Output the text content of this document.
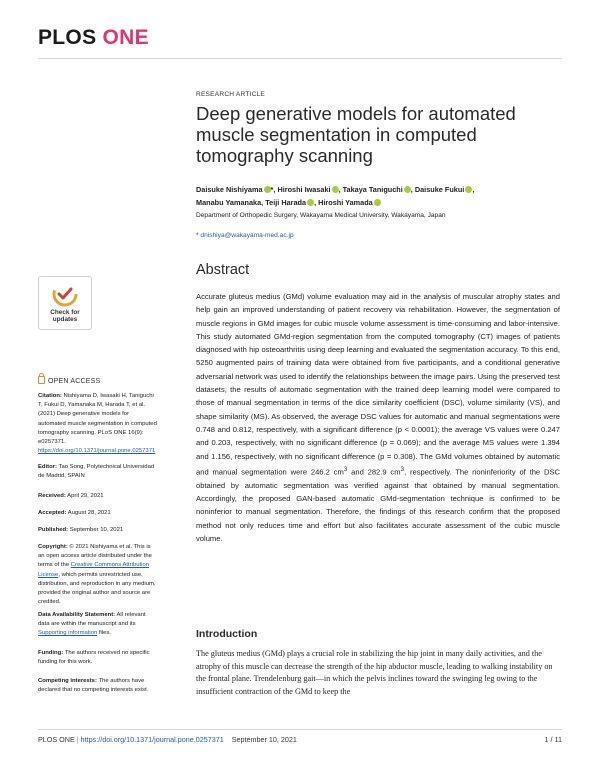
PLOS ONE
RESEARCH ARTICLE
Deep generative models for automated muscle segmentation in computed tomography scanning
Daisuke Nishiyama *, Hiroshi Iwasaki , Takaya Taniguchi , Daisuke Fukui ,
Manabu Yamanaka, Teiji Harada , Hiroshi Yamada
Department of Orthopedic Surgery, Wakayama Medical University, Wakayama, Japan
* dnishiya@wakayama-med.ac.jp
Abstract

Accurate gluteus medius (GMd) volume evaluation may aid in the analysis of muscular atrophy states and help gain an improved understanding of patient recovery via rehabilitation. However, the segmentation of muscle regions in GMd images for cubic muscle volume assessment is time-consuming and labor-intensive. This study automated GMd-region segmentation from the computed tomography (CT) images of patients diagnosed with hip osteoarthritis using deep learning and evaluated the segmentation accuracy. To this end, 5250 augmented pairs of training data were obtained from five participants, and a conditional generative adversarial network was used to identify the relationships between the image pairs. Using the preserved test datasets, the results of automatic segmentation with the trained deep learning model were compared to those of manual segmentation in terms of the dice similarity coefficient (DSC), volume similarity (VS), and shape similarity (MS). As observed, the average DSC values for automatic and manual segmentations were 0.748 and 0.812, respectively, with a significant difference (p < 0.0001); the average VS values were 0.247 and 0.203, respectively, with no significant difference (p = 0.069); and the average MS values were 1.394 and 1.156, respectively, with no significant difference (p = 0.308). The GMd volumes obtained by automatic and manual segmentation were 246.2 $cm^3$ and 282.9 $cm^3$, respectively. The noninferiority of the DSC obtained by automatic segmentation was verified against that obtained by manual segmentation. Accordingly, the proposed GAN-based automatic GMd-segmentation technique is confirmed to be noninferior to manual segmentation. Therefore, the findings of this research confirm that the proposed method not only reduces time and effort but also facilitates accurate assessment of the cubic muscle volume.

Check for
updates
OPEN ACCESS
Citation: Nishiyama D, Iwasaki H, Taniguchi T, Fukui D, Yamanaka M, Harada T, et al. (2021) Deep generative models for automated muscle segmentation in computed tomography scanning. PLoS ONE 16(9): e0257371. https://doi.org/10.1371/journal.pone.0257371
Editor: Tao Song, Polytechnical Universidad de Madrid, SPAIN
Received: April 29, 2021
Accepted: August 28, 2021
Published: September 10, 2021
Copyright: © 2021 Nishiyama et al. This is an open access article distributed under the terms of the Creative Commons Attribution License, which permits unrestricted use, distribution, and reproduction in any medium, provided the original author and source are credited.
Data Availability Statement: All relevant data are within the manuscript and its Supporting information files.
Funding: The authors received no specific funding for this work.
Competing interests: The authors have declared that no competing interests exist.
Introduction

The gluteus medius (GMd) plays a crucial role in stabilizing the hip joint in many daily activities, and the atrophy of this muscle can decrease the strength of the hip abductor muscle, leading to walking instability on the frontal plane. Trendelenburg gait—in which the pelvis inclines toward the swinging leg owing to the insufficient contraction of the GMd to keep the

PLOS ONE | https://doi.org/10.1371/journal.pone.0257371 September 10, 2021	1 / 11
